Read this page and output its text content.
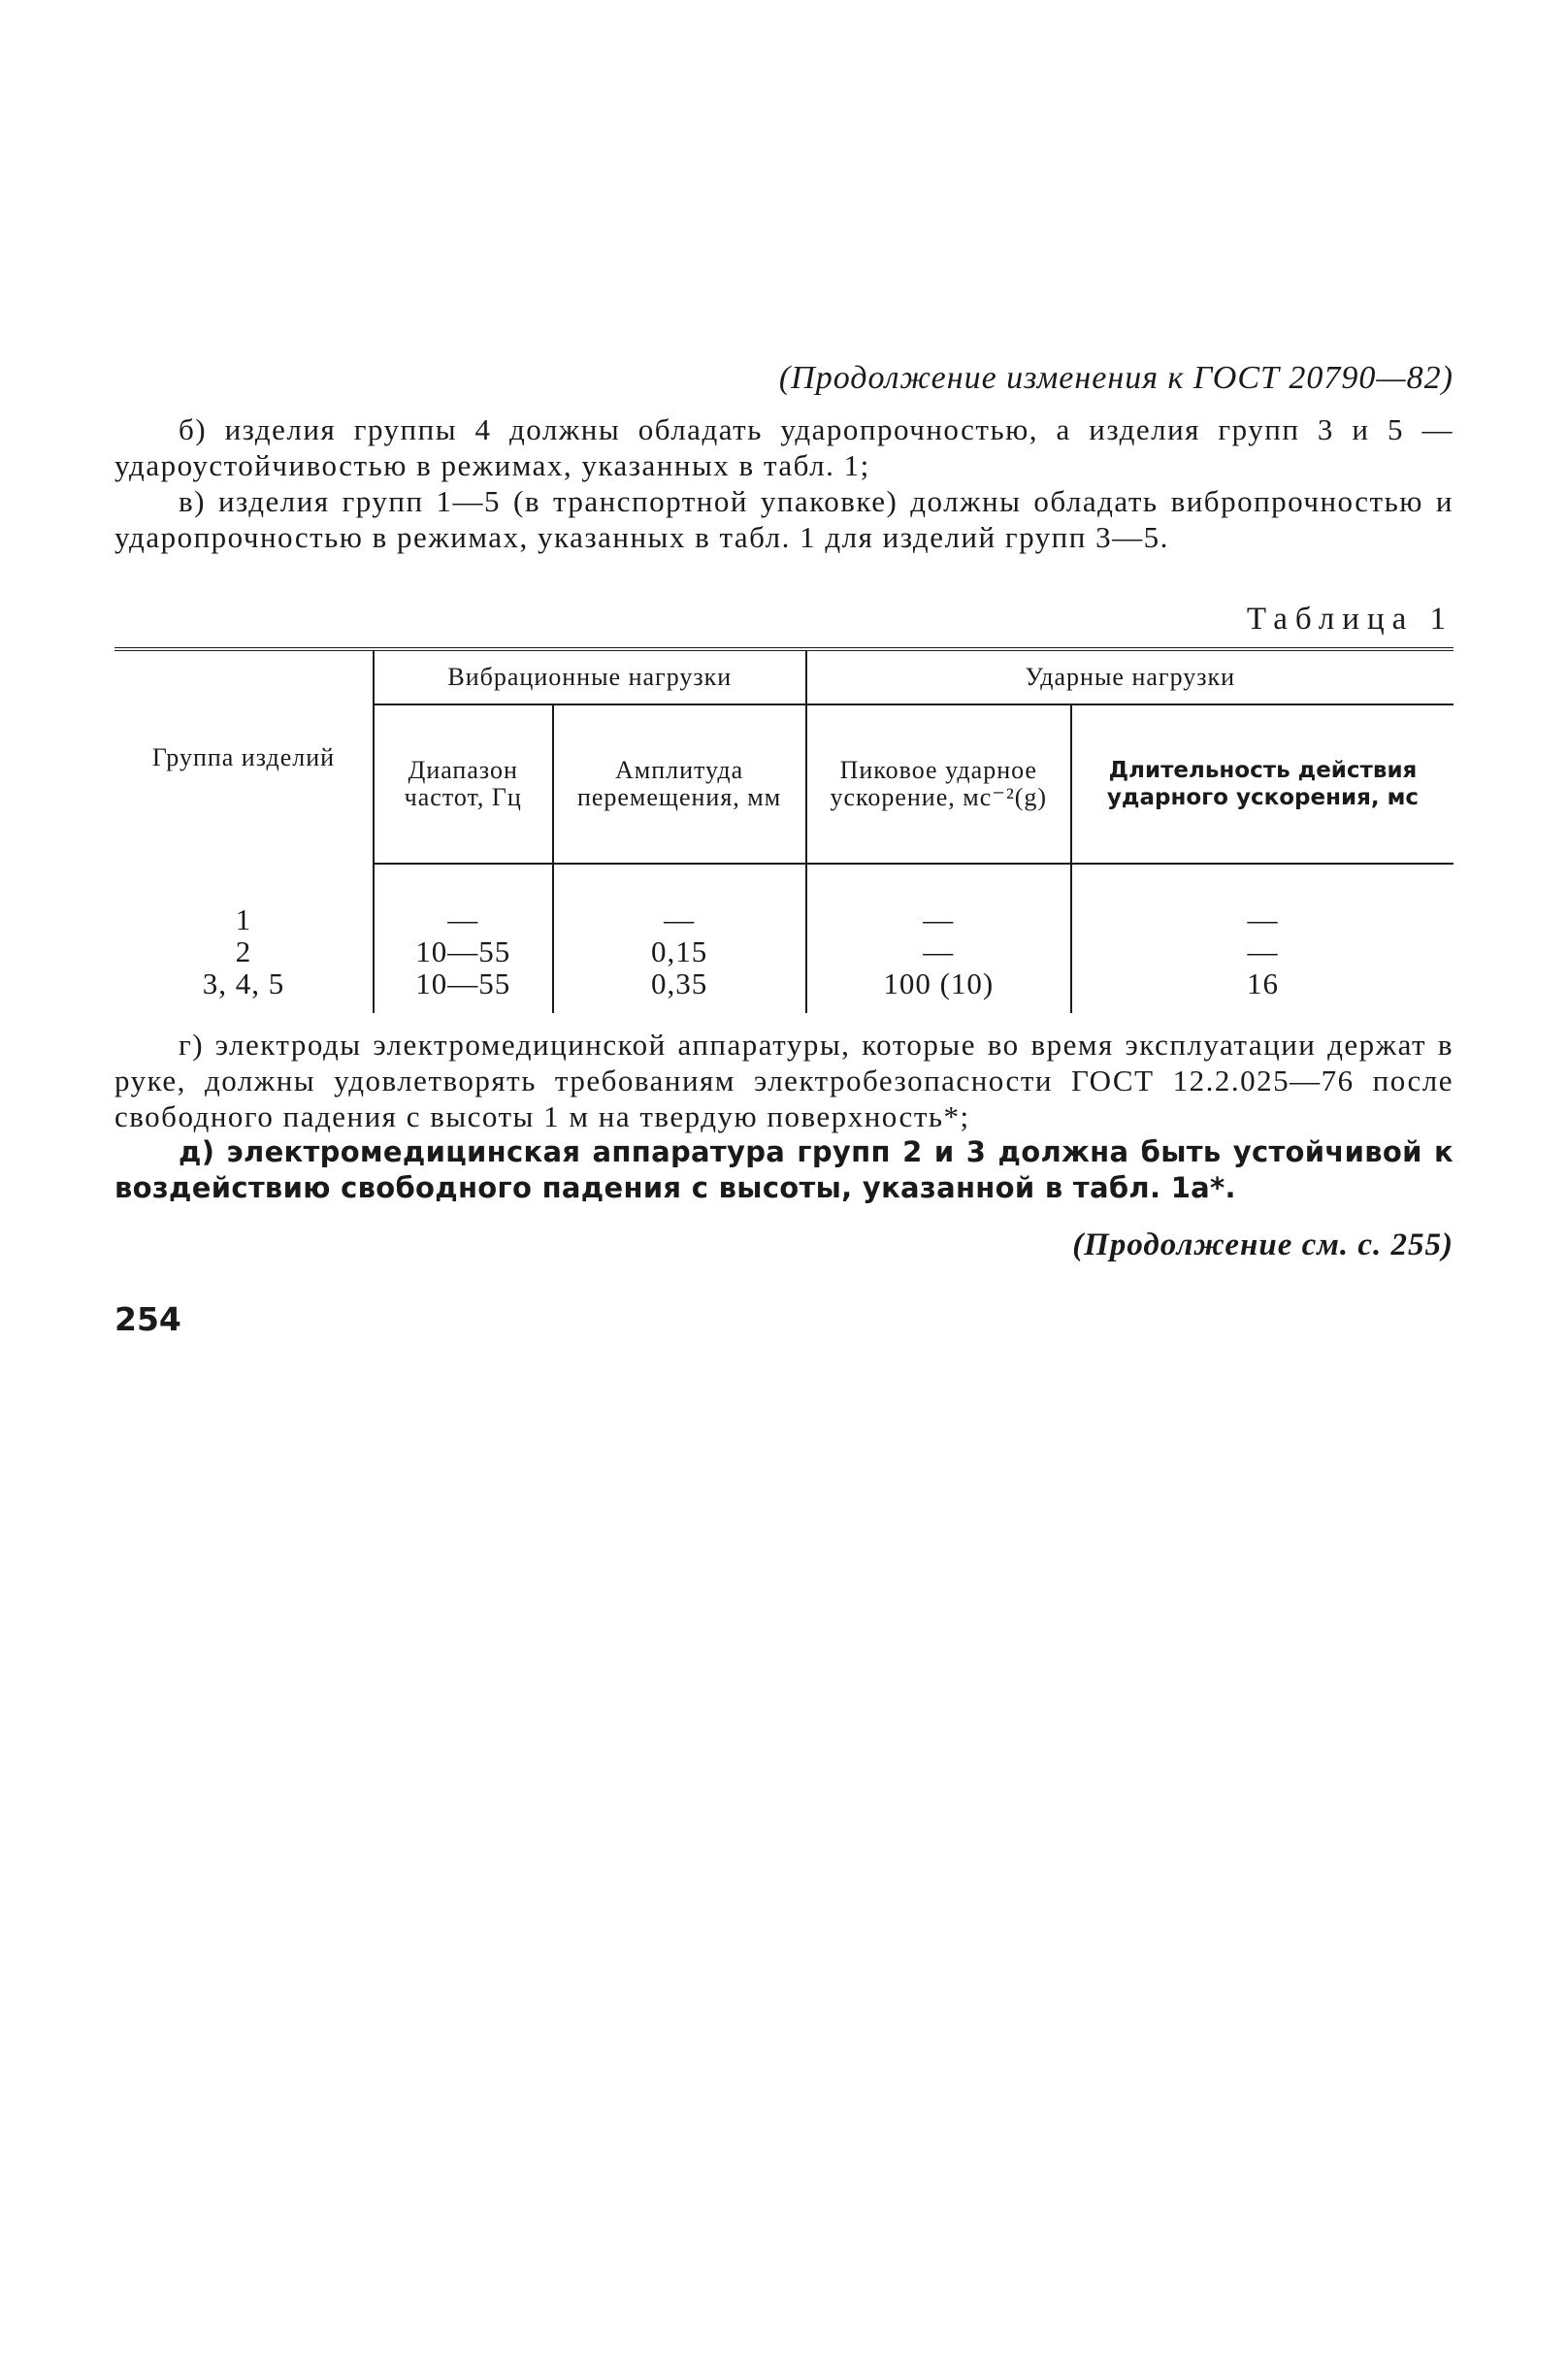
(Продолжение изменения к ГОСТ 20790—82)

б) изделия группы 4 должны обладать ударопрочностью, а изделия групп 3 и 5 — удароустойчивостью в режимах, указанных в табл. 1;

в) изделия групп 1—5 (в транспортной упаковке) должны обладать вибропрочностью и ударопрочностью в режимах, указанных в табл. 1 для изделий групп 3—5.

Таблица 1

Группа изделий	Вибрационные нагрузки		Ударные нагрузки	
	Диапазон частот, Гц	Амплитуда перемещения, мм	Пиковое ударное ускорение, мс⁻²(g)	Длительность действия ударного ускорения, мс
1	—	—	—	—
2	10—55	0,15	—	—
3, 4, 5	10—55	0,35	100 (10)	16

г) электроды электромедицинской аппаратуры, которые во время эксплуатации держат в руке, должны удовлетворять требованиям электробезопасности ГОСТ 12.2.025—76 после свободного падения с высоты 1 м на твердую поверхность*;

д) электромедицинская аппаратура групп 2 и 3 должна быть устойчивой к воздействию свободного падения с высоты, указанной в табл. 1а*.

(Продолжение см. с. 255)

254
